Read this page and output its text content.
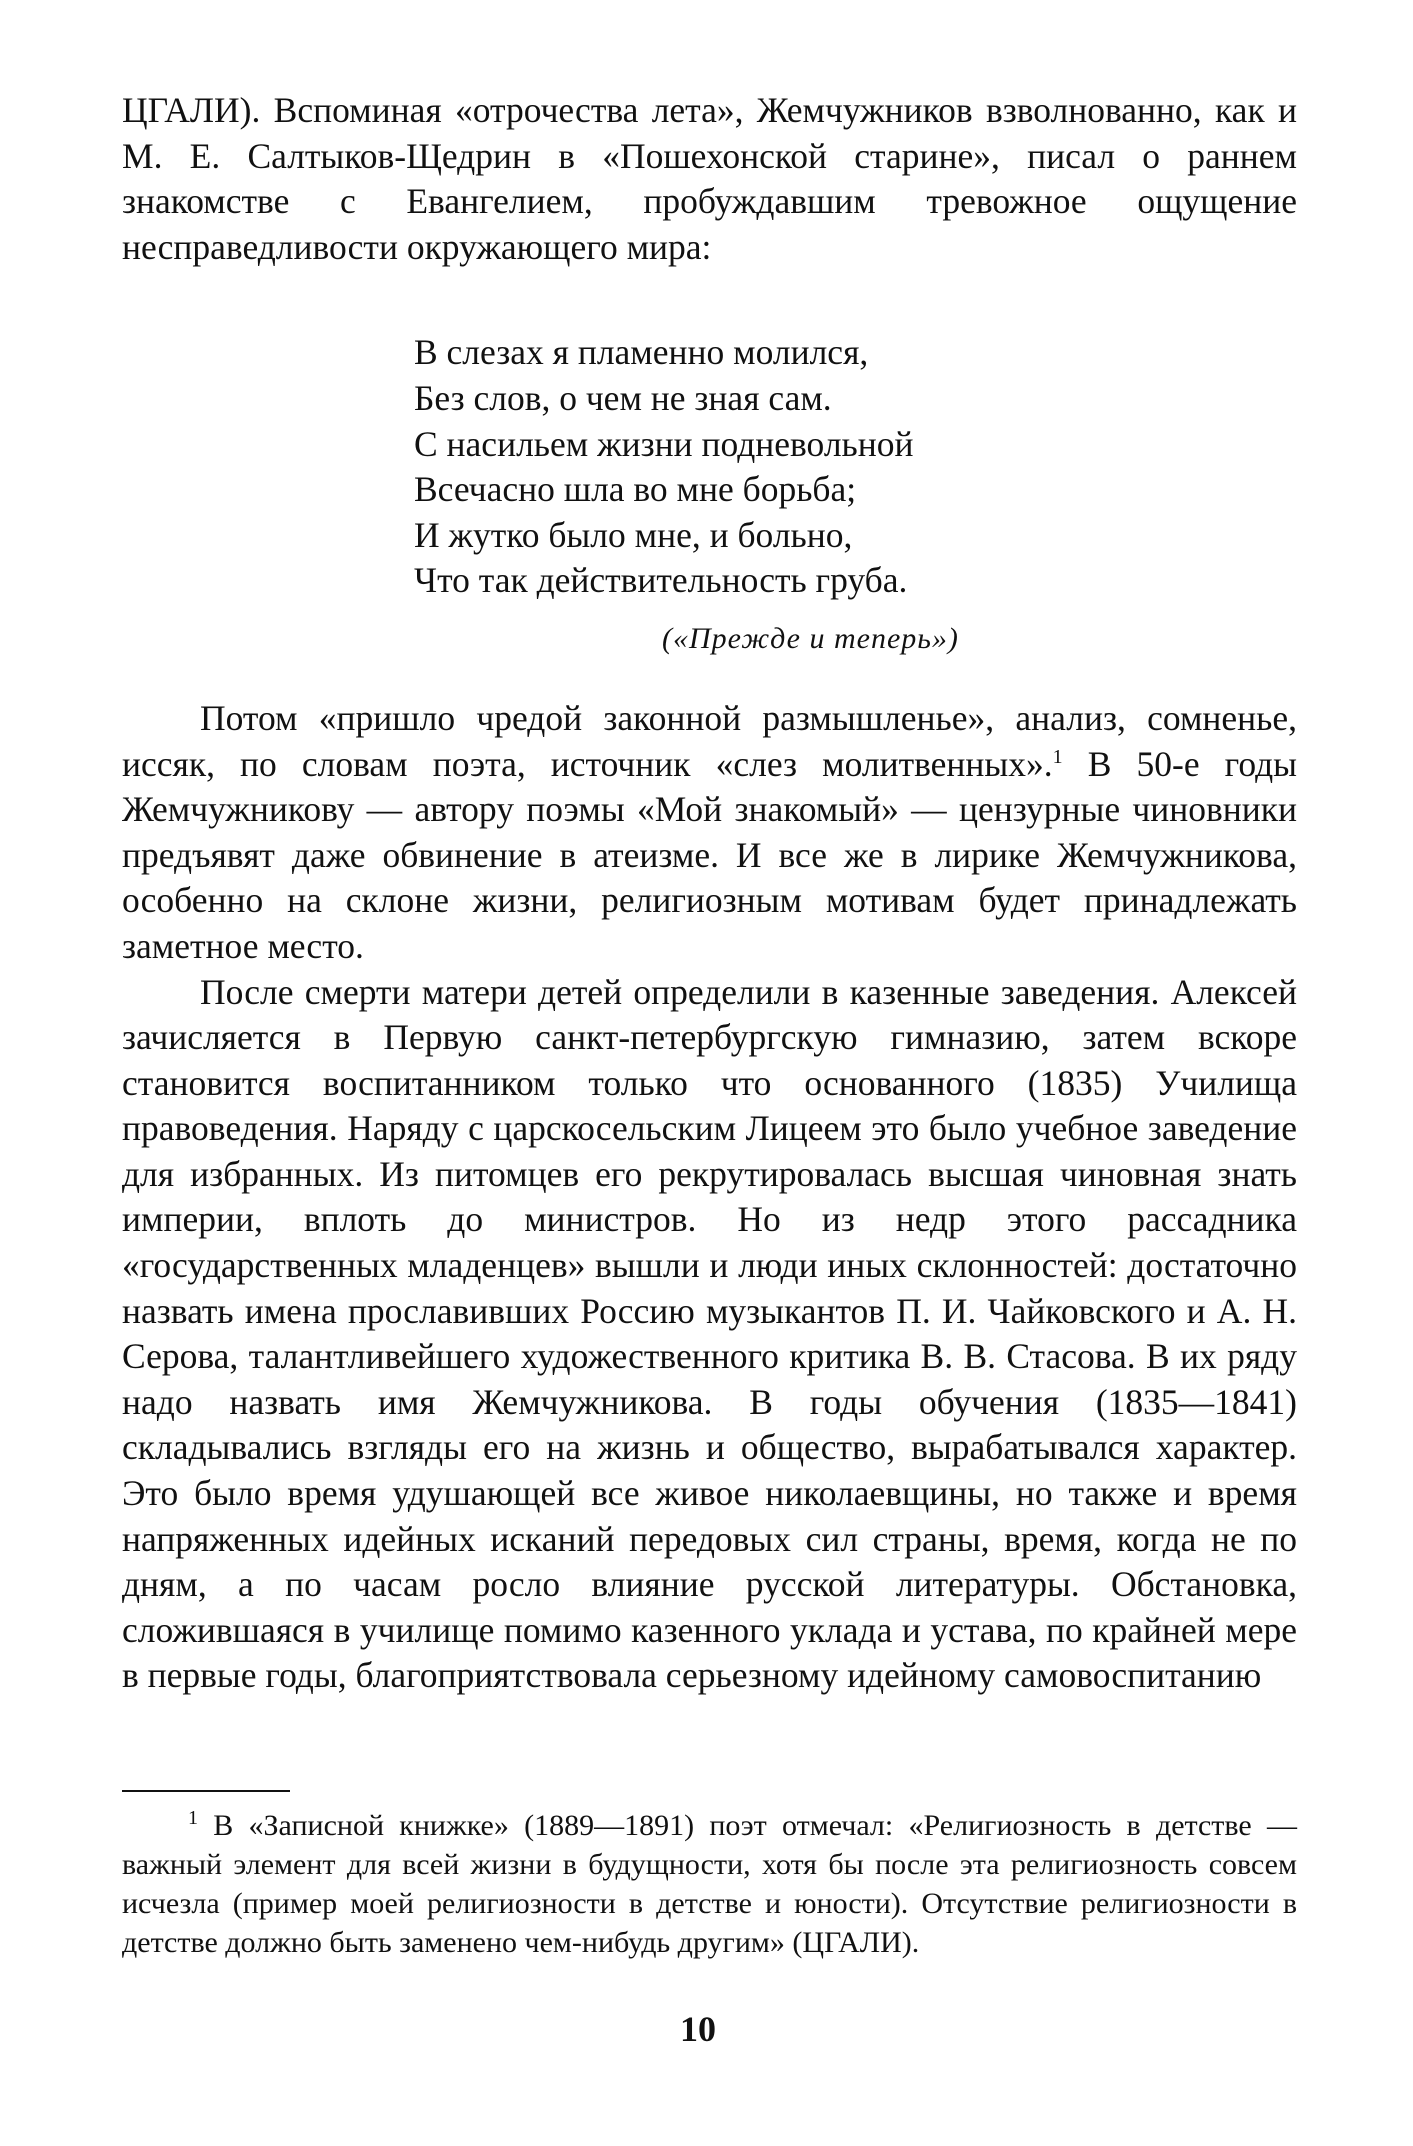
ЦГАЛИ). Вспоминая «отрочества лета», Жемчужников взволнованно, как и М. Е. Салтыков-Щедрин в «Пошехонской старине», писал о раннем знакомстве с Евангелием, пробуждавшим тревожное ощущение несправедливости окружающего мира:

В слезах я пламенно молился,
Без слов, о чем не зная сам.
С насильем жизни подневольной
Всечасно шла во мне борьба;
И жутко было мне, и больно,
Что так действительность груба.
(«Прежде и теперь»)

Потом «пришло чредой законной размышленье», анализ, сомненье, иссяк, по словам поэта, источник «слез молитвенных».$^1$ В 50-е годы Жемчужникову — автору поэмы «Мой знакомый» — цензурные чиновники предъявят даже обвинение в атеизме. И все же в лирике Жемчужникова, особенно на склоне жизни, религиозным мотивам будет принадлежать заметное место.

После смерти матери детей определили в казенные заведения. Алексей зачисляется в Первую санкт-петербургскую гимназию, затем вскоре становится воспитанником только что основанного (1835) Училища правоведения. Наряду с царскосельским Лицеем это было учебное заведение для избранных. Из питомцев его рекрутировалась высшая чиновная знать империи, вплоть до министров. Но из недр этого рассадника «государственных младенцев» вышли и люди иных склонностей: достаточно назвать имена прославивших Россию музыкантов П. И. Чайковского и А. Н. Серова, талантливейшего художественного критика В. В. Стасова. В их ряду надо назвать имя Жемчужникова. В годы обучения (1835—1841) складывались взгляды его на жизнь и общество, вырабатывался характер. Это было время удушающей все живое николаевщины, но также и время напряженных идейных исканий передовых сил страны, время, когда не по дням, а по часам росло влияние русской литературы. Обстановка, сложившаяся в училище помимо казенного уклада и устава, по крайней мере в первые годы, благоприятствовала серьезному идейному самовоспитанию

$^1$ В «Записной книжке» (1889—1891) поэт отмечал: «Религиозность в детстве — важный элемент для всей жизни в будущности, хотя бы после эта религиозность совсем исчезла (пример моей религиозности в детстве и юности). Отсутствие религиозности в детстве должно быть заменено чем-нибудь другим» (ЦГАЛИ).
10
